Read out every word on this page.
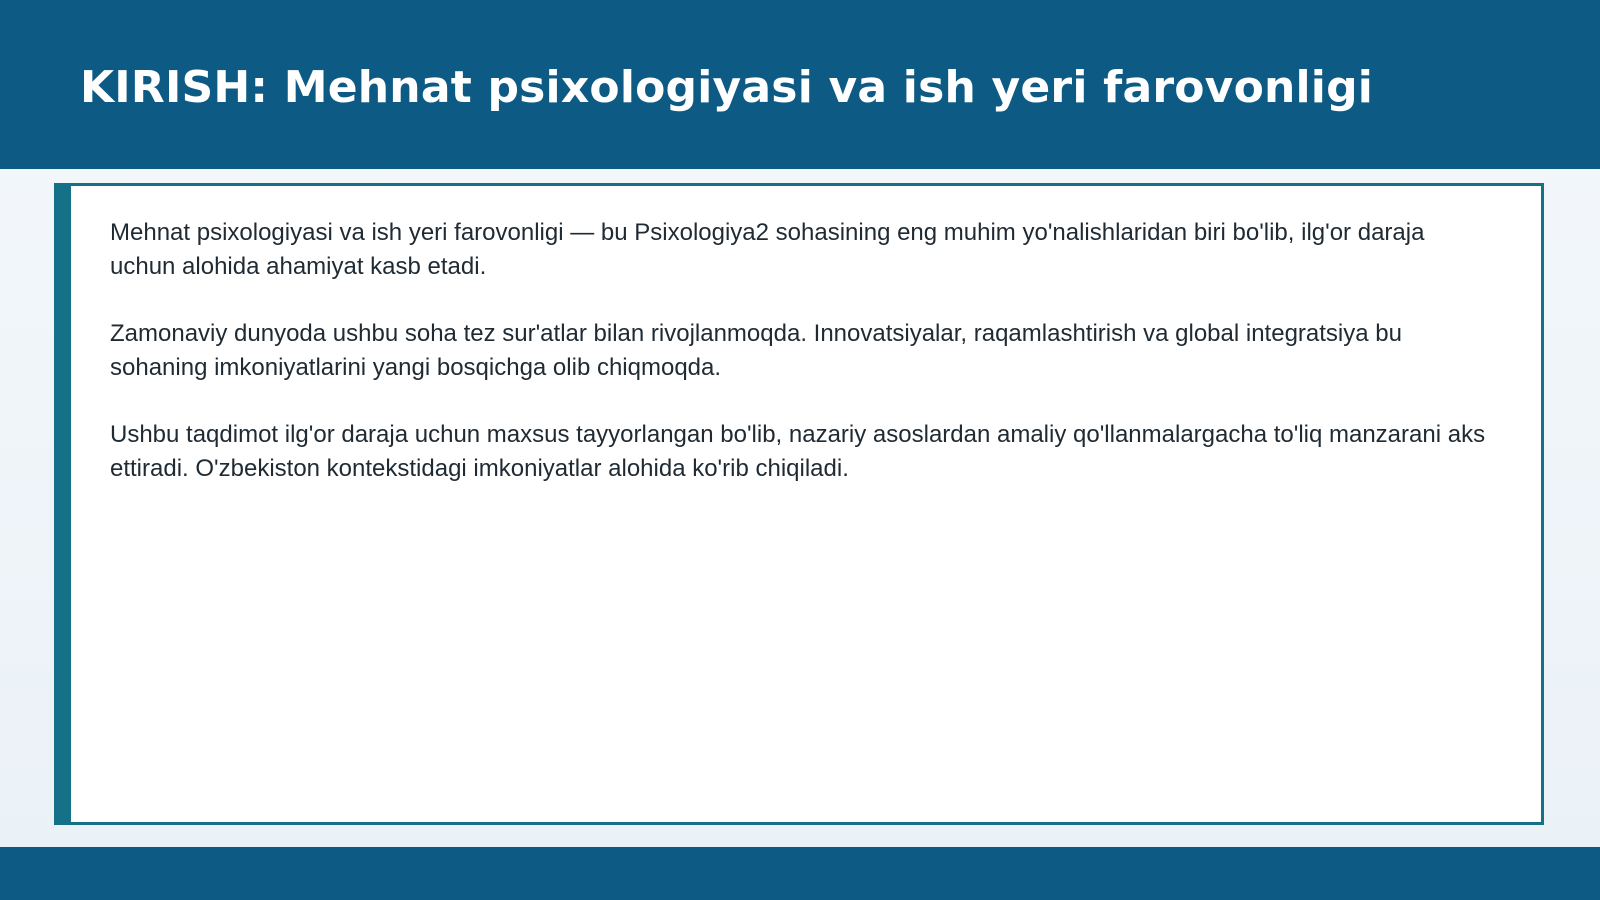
KIRISH: Mehnat psixologiyasi va ish yeri farovonligi

Mehnat psixologiyasi va ish yeri farovonligi — bu Psixologiya2 sohasining eng muhim yo'nalishlaridan biri bo'lib, ilg'or daraja uchun alohida ahamiyat kasb etadi.

Zamonaviy dunyoda ushbu soha tez sur'atlar bilan rivojlanmoqda. Innovatsiyalar, raqamlashtirish va global integratsiya bu sohaning imkoniyatlarini yangi bosqichga olib chiqmoqda.

Ushbu taqdimot ilg'or daraja uchun maxsus tayyorlangan bo'lib, nazariy asoslardan amaliy qo'llanmalargacha to'liq manzarani aks ettiradi. O'zbekiston kontekstidagi imkoniyatlar alohida ko'rib chiqiladi.
